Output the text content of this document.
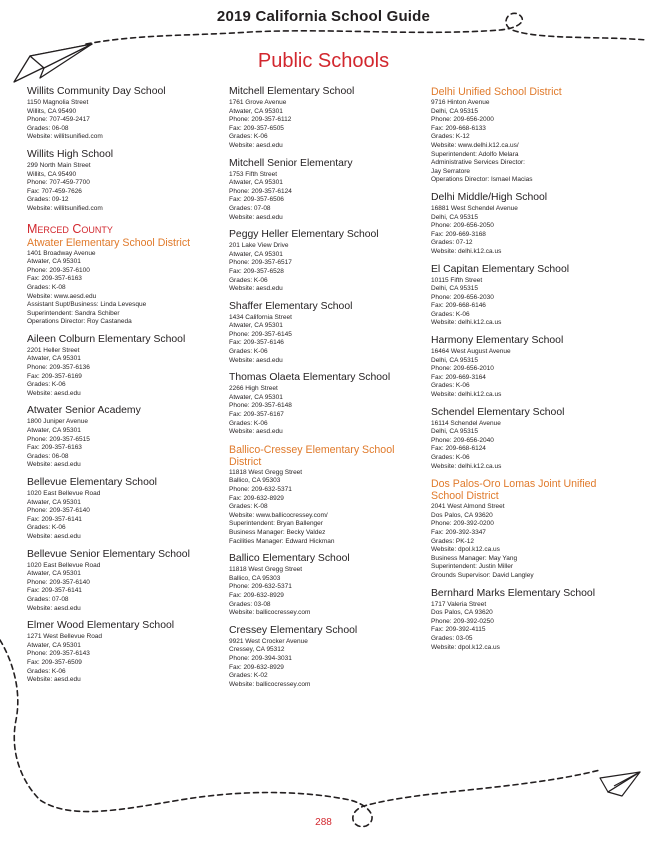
2019 California School Guide
Public Schools
Willits Community Day School
1150 Magnolia Street
Willits, CA 95490
Phone: 707-459-2417
Grades: 06-08
Website: willitsunified.com
Willits High School
299 North Main Street
Willits, CA 95490
Phone: 707-459-7700
Fax: 707-459-7626
Grades: 09-12
Website: willitsunified.com
Merced County
Atwater Elementary School District
1401 Broadway Avenue
Atwater, CA 95301
Phone: 209-357-6100
Fax: 209-357-6163
Grades: K-08
Website: www.aesd.edu
Assistant Supt/Business: Linda Levesque
Superintendent: Sandra Schiber
Operations Director: Roy Castaneda
Aileen Colburn Elementary School
2201 Heller Street
Atwater, CA 95301
Phone: 209-357-6136
Fax: 209-357-6169
Grades: K-06
Website: aesd.edu
Atwater Senior Academy
1800 Juniper Avenue
Atwater, CA 95301
Phone: 209-357-6515
Fax: 209-357-6163
Grades: 06-08
Website: aesd.edu
Bellevue Elementary School
1020 East Bellevue Road
Atwater, CA 95301
Phone: 209-357-6140
Fax: 209-357-6141
Grades: K-06
Website: aesd.edu
Bellevue Senior Elementary School
1020 East Bellevue Road
Atwater, CA 95301
Phone: 209-357-6140
Fax: 209-357-6141
Grades: 07-08
Website: aesd.edu
Elmer Wood Elementary School
1271 West Bellevue Road
Atwater, CA 95301
Phone: 209-357-6143
Fax: 209-357-6509
Grades: K-06
Website: aesd.edu
Mitchell Elementary School
1761 Grove Avenue
Atwater, CA 95301
Phone: 209-357-6112
Fax: 209-357-6505
Grades: K-06
Website: aesd.edu
Mitchell Senior Elementary
1753 Fifth Street
Atwater, CA 95301
Phone: 209-357-6124
Fax: 209-357-6506
Grades: 07-08
Website: aesd.edu
Peggy Heller Elementary School
201 Lake View Drive
Atwater, CA 95301
Phone: 209-357-6517
Fax: 209-357-6528
Grades: K-06
Website: aesd.edu
Shaffer Elementary School
1434 California Street
Atwater, CA 95301
Phone: 209-357-6145
Fax: 209-357-6146
Grades: K-06
Website: aesd.edu
Thomas Olaeta Elementary School
2266 High Street
Atwater, CA 95301
Phone: 209-357-6148
Fax: 209-357-6167
Grades: K-06
Website: aesd.edu
Ballico-Cressey Elementary School District
11818 West Gregg Street
Ballico, CA 95303
Phone: 209-632-5371
Fax: 209-632-8929
Grades: K-08
Website: www.ballicocressey.com/
Superintendent: Bryan Ballenger
Business Manager: Becky Valdez
Facilities Manager: Edward Hickman
Ballico Elementary School
11818 West Gregg Street
Ballico, CA 95303
Phone: 209-632-5371
Fax: 209-632-8929
Grades: 03-08
Website: ballicocressey.com
Cressey Elementary School
9921 West Crocker Avenue
Cressey, CA 95312
Phone: 209-394-3031
Fax: 209-632-8929
Grades: K-02
Website: ballicocressey.com
Delhi Unified School District
9716 Hinton Avenue
Delhi, CA 95315
Phone: 209-656-2000
Fax: 209-668-6133
Grades: K-12
Website: www.delhi.k12.ca.us/
Superintendent: Adolfo Melara
Administrative Services Director:
Jay Serratore
Operations Director: Ismael Macias
Delhi Middle/High School
16881 West Schendel Avenue
Delhi, CA 95315
Phone: 209-656-2050
Fax: 209-669-3168
Grades: 07-12
Website: delhi.k12.ca.us
El Capitan Elementary School
10115 Fifth Street
Delhi, CA 95315
Phone: 209-656-2030
Fax: 209-668-6146
Grades: K-06
Website: delhi.k12.ca.us
Harmony Elementary School
16464 West August Avenue
Delhi, CA 95315
Phone: 209-656-2010
Fax: 209-669-3164
Grades: K-06
Website: delhi.k12.ca.us
Schendel Elementary School
16114 Schendel Avenue
Delhi, CA 95315
Phone: 209-656-2040
Fax: 209-668-6124
Grades: K-06
Website: delhi.k12.ca.us
Dos Palos-Oro Lomas Joint Unified School District
2041 West Almond Street
Dos Palos, CA 93620
Phone: 209-392-0200
Fax: 209-392-3347
Grades: PK-12
Website: dpol.k12.ca.us
Business Manager: May Yang
Superintendent: Justin Miller
Grounds Supervisor: David Langley
Bernhard Marks Elementary School
1717 Valeria Street
Dos Palos, CA 93620
Phone: 209-392-0250
Fax: 209-392-4115
Grades: 03-05
Website: dpol.k12.ca.us
288
